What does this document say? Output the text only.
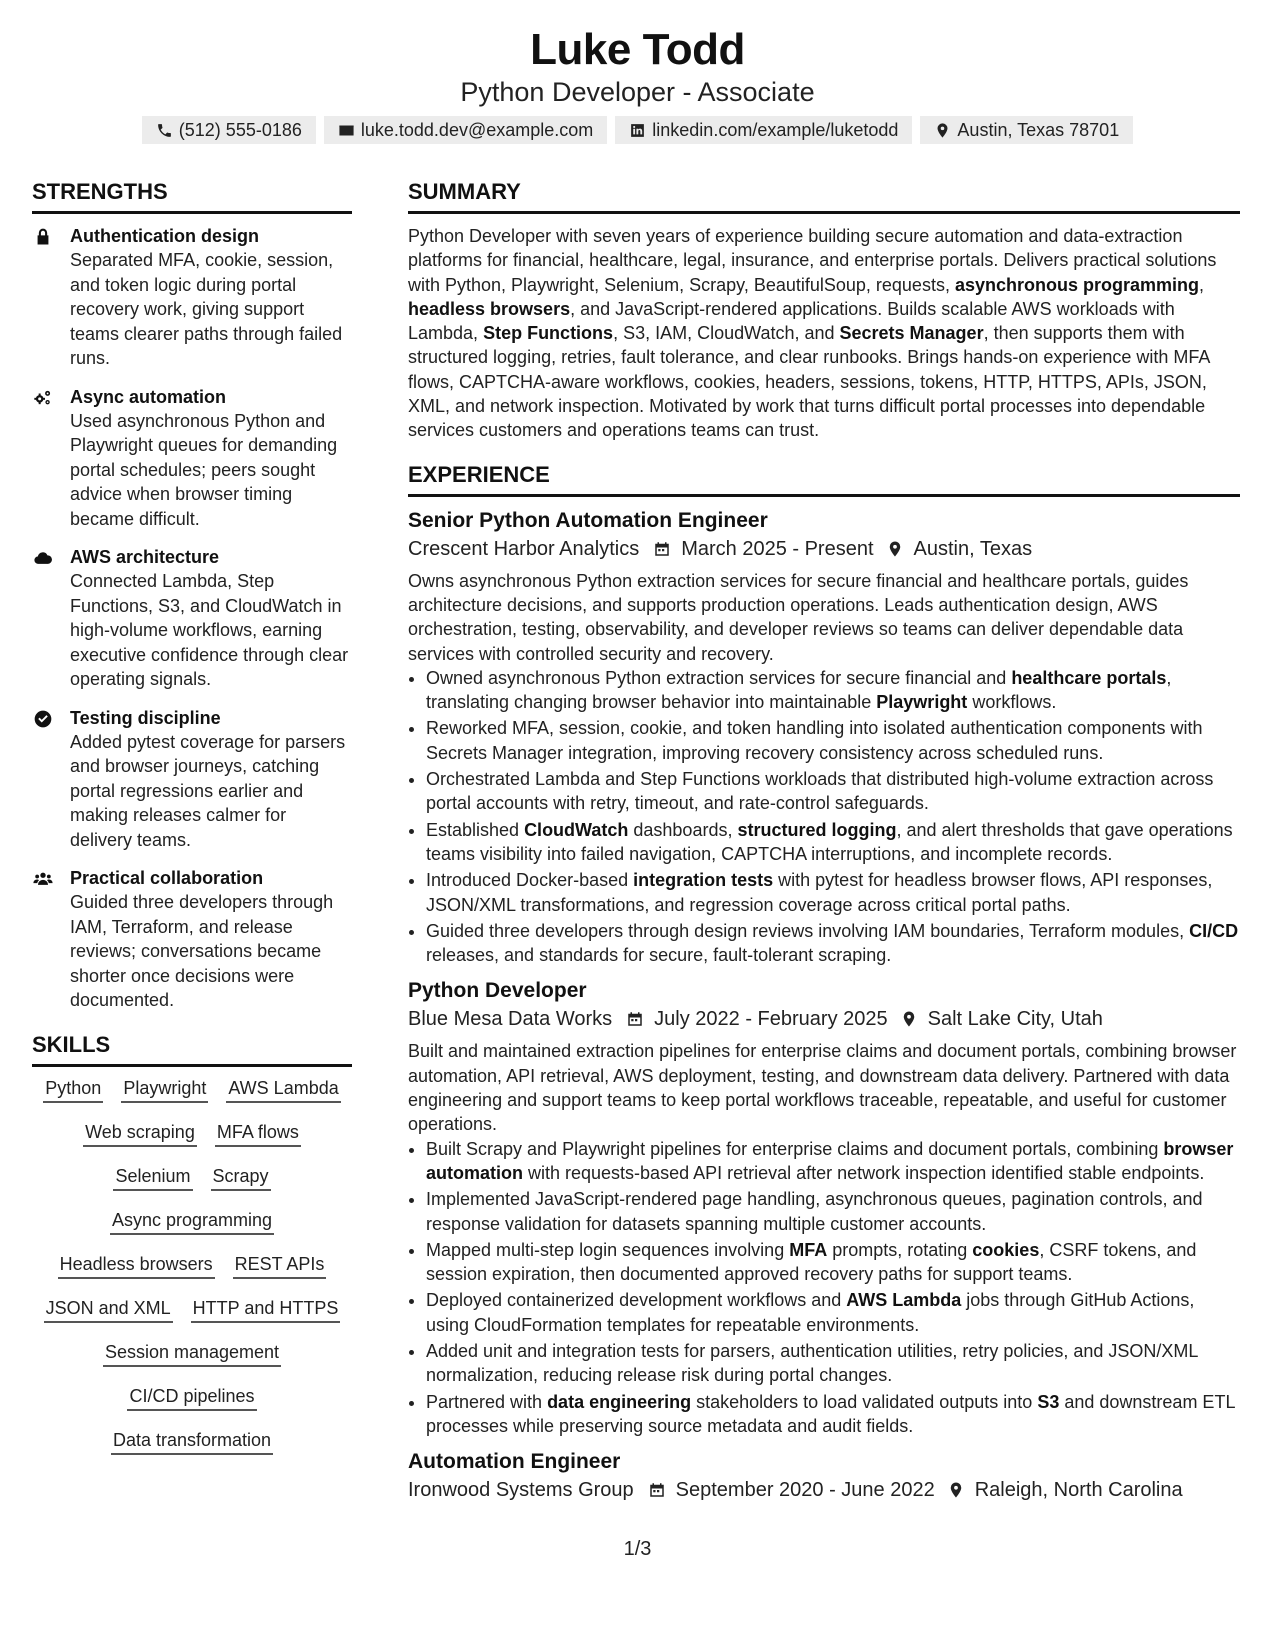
Luke Todd
Python Developer - Associate
(512) 555-0186	luke.todd.dev@example.com	linkedin.com/example/luketodd	Austin, Texas 78701
STRENGTHS
Authentication design
Separated MFA, cookie, session, and token logic during portal recovery work, giving support teams clearer paths through failed runs.
Async automation
Used asynchronous Python and Playwright queues for demanding portal schedules; peers sought advice when browser timing became difficult.
AWS architecture
Connected Lambda, Step Functions, S3, and CloudWatch in high-volume workflows, earning executive confidence through clear operating signals.
Testing discipline
Added pytest coverage for parsers and browser journeys, catching portal regressions earlier and making releases calmer for delivery teams.
Practical collaboration
Guided three developers through IAM, Terraform, and release reviews; conversations became shorter once decisions were documented.
SKILLS
Python Playwright AWS Lambda
Web scraping MFA flows
Selenium Scrapy
Async programming
Headless browsers REST APIs
JSON and XML HTTP and HTTPS
Session management
CI/CD pipelines
Data transformation
SUMMARY

Python Developer with seven years of experience building secure automation and data-extraction platforms for financial, healthcare, legal, insurance, and enterprise portals. Delivers practical solutions with Python, Playwright, Selenium, Scrapy, BeautifulSoup, requests, asynchronous programming, headless browsers, and JavaScript-rendered applications. Builds scalable AWS workloads with Lambda, Step Functions, S3, IAM, CloudWatch, and Secrets Manager, then supports them with structured logging, retries, fault tolerance, and clear runbooks. Brings hands-on experience with MFA flows, CAPTCHA-aware workflows, cookies, headers, sessions, tokens, HTTP, HTTPS, APIs, JSON, XML, and network inspection. Motivated by work that turns difficult portal processes into dependable services customers and operations teams can trust.

EXPERIENCE
Senior Python Automation Engineer
Crescent Harbor Analytics March 2025 - Present Austin, Texas

Owns asynchronous Python extraction services for secure financial and healthcare portals, guides architecture decisions, and supports production operations. Leads authentication design, AWS orchestration, testing, observability, and developer reviews so teams can deliver dependable data services with controlled security and recovery.

• Owned asynchronous Python extraction services for secure financial and healthcare portals, translating changing browser behavior into maintainable Playwright workflows.
• Reworked MFA, session, cookie, and token handling into isolated authentication components with Secrets Manager integration, improving recovery consistency across scheduled runs.
• Orchestrated Lambda and Step Functions workloads that distributed high-volume extraction across portal accounts with retry, timeout, and rate-control safeguards.
• Established CloudWatch dashboards, structured logging, and alert thresholds that gave operations teams visibility into failed navigation, CAPTCHA interruptions, and incomplete records.
• Introduced Docker-based integration tests with pytest for headless browser flows, API responses, JSON/XML transformations, and regression coverage across critical portal paths.
• Guided three developers through design reviews involving IAM boundaries, Terraform modules, CI/CD releases, and standards for secure, fault-tolerant scraping.
Python Developer
Blue Mesa Data Works July 2022 - February 2025 Salt Lake City, Utah

Built and maintained extraction pipelines for enterprise claims and document portals, combining browser automation, API retrieval, AWS deployment, testing, and downstream data delivery. Partnered with data engineering and support teams to keep portal workflows traceable, repeatable, and useful for customer operations.

• Built Scrapy and Playwright pipelines for enterprise claims and document portals, combining browser automation with requests-based API retrieval after network inspection identified stable endpoints.
• Implemented JavaScript-rendered page handling, asynchronous queues, pagination controls, and response validation for datasets spanning multiple customer accounts.
• Mapped multi-step login sequences involving MFA prompts, rotating cookies, CSRF tokens, and session expiration, then documented approved recovery paths for support teams.
• Deployed containerized development workflows and AWS Lambda jobs through GitHub Actions, using CloudFormation templates for repeatable environments.
• Added unit and integration tests for parsers, authentication utilities, retry policies, and JSON/XML normalization, reducing release risk during portal changes.
• Partnered with data engineering stakeholders to load validated outputs into S3 and downstream ETL processes while preserving source metadata and audit fields.
Automation Engineer
Ironwood Systems Group September 2020 - June 2022 Raleigh, North Carolina
1/3
